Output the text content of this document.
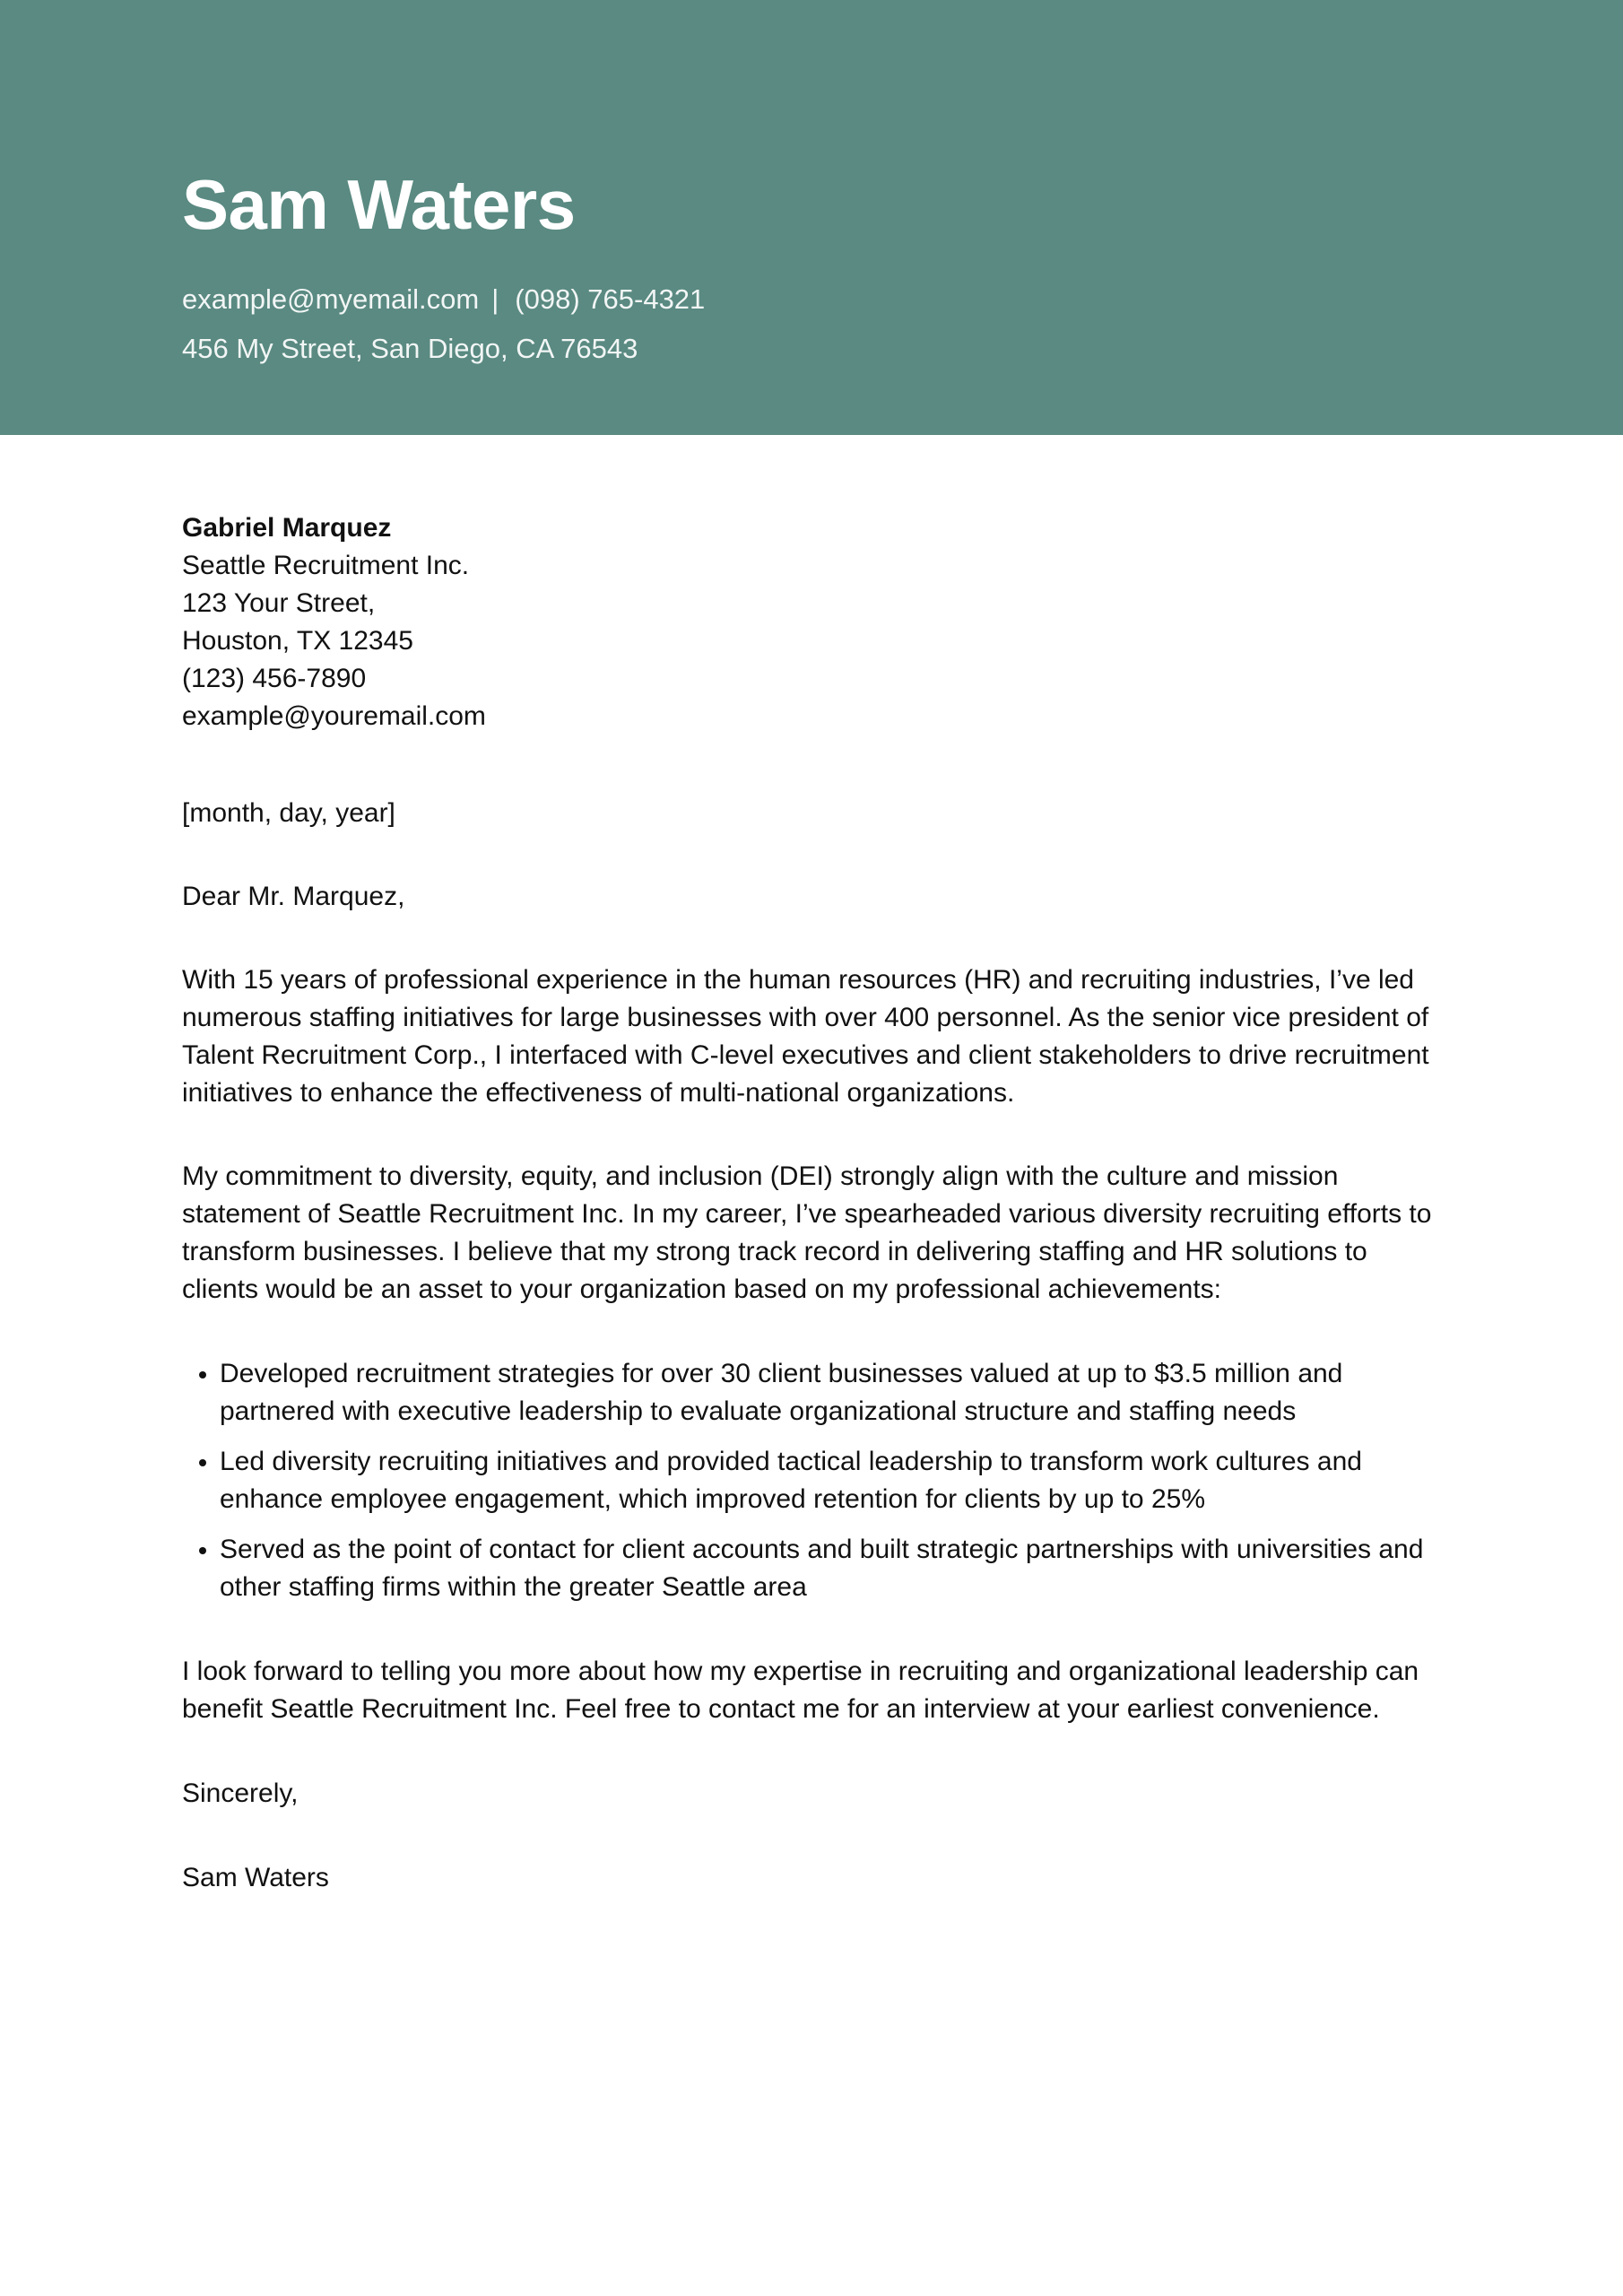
Sam Waters
example@myemail.com | (098) 765-4321
456 My Street, San Diego, CA 76543
Gabriel Marquez
Seattle Recruitment Inc.
123 Your Street,
Houston, TX 12345
(123) 456-7890
example@youremail.com
[month, day, year]
Dear Mr. Marquez,

With 15 years of professional experience in the human resources (HR) and recruiting industries, I’ve led numerous staffing initiatives for large businesses with over 400 personnel. As the senior vice president of Talent Recruitment Corp., I interfaced with C-level executives and client stakeholders to drive recruitment initiatives to enhance the effectiveness of multi-national organizations.

My commitment to diversity, equity, and inclusion (DEI) strongly align with the culture and mission statement of Seattle Recruitment Inc. In my career, I’ve spearheaded various diversity recruiting efforts to transform businesses. I believe that my strong track record in delivering staffing and HR solutions to clients would be an asset to your organization based on my professional achievements:

• Developed recruitment strategies for over 30 client businesses valued at up to $3.5 million and partnered with executive leadership to evaluate organizational structure and staffing needs
• Led diversity recruiting initiatives and provided tactical leadership to transform work cultures and enhance employee engagement, which improved retention for clients by up to 25%
• Served as the point of contact for client accounts and built strategic partnerships with universities and other staffing firms within the greater Seattle area

I look forward to telling you more about how my expertise in recruiting and organizational leadership can benefit Seattle Recruitment Inc. Feel free to contact me for an interview at your earliest convenience.

Sincerely,
Sam Waters
